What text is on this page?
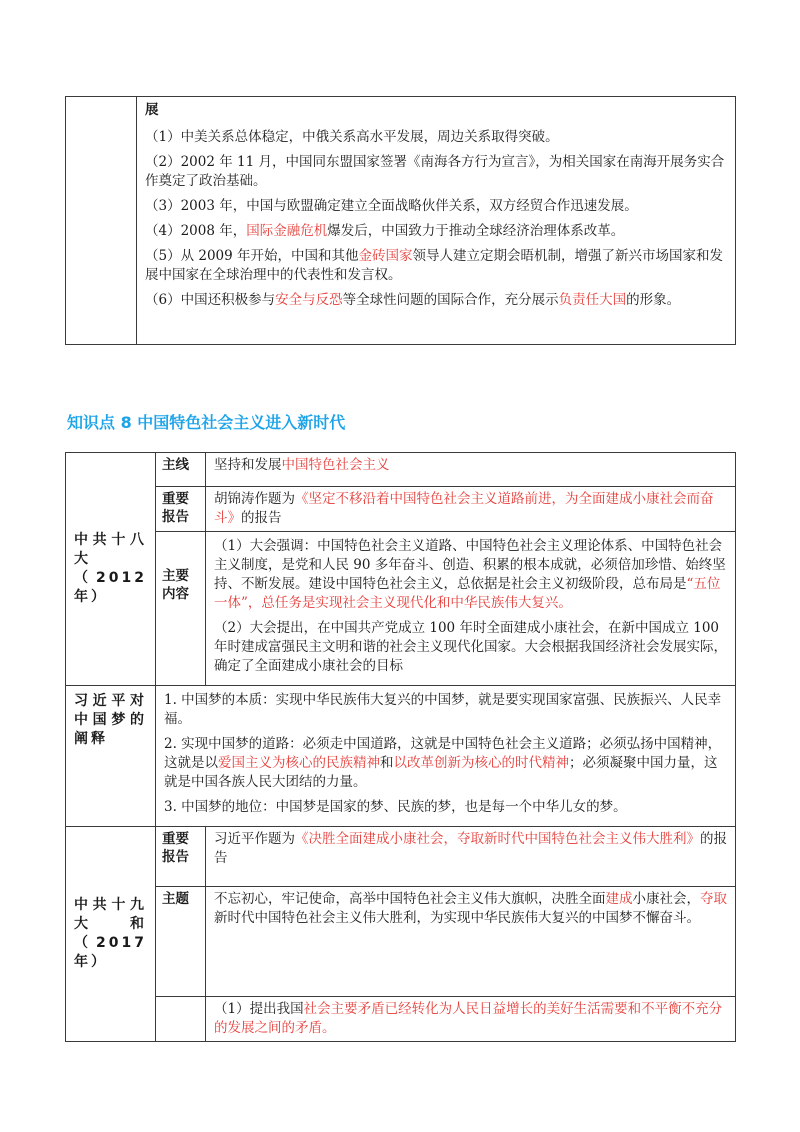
展
（1）中美关系总体稳定，中俄关系高水平发展，周边关系取得突破。
（2）2002 年 11 月，中国同东盟国家签署《南海各方行为宣言》，为相关国家在南海开展务实合作奠定了政治基础。
（3）2003 年，中国与欧盟确定建立全面战略伙伴关系，双方经贸合作迅速发展。
（4）2008 年，国际金融危机爆发后，中国致力于推动全球经济治理体系改革。
（5）从 2009 年开始，中国和其他金砖国家领导人建立定期会晤机制，增强了新兴市场国家和发展中国家在全球治理中的代表性和发言权。
（6）中国还积极参与安全与反恐等全球性问题的国际合作，充分展示负责任大国的形象。
知识点 8 中国特色社会主义进入新时代
中共十八大（2012年）	主线	坚持和发展中国特色社会主义

	重要报告	胡锦涛作题为《坚定不移沿着中国特色社会主义道路前进，为全面建成小康社会而奋斗》的报告

	主要内容	（1）大会强调：中国特色社会主义道路、中国特色社会主义理论体系、中国特色社会主义制度，是党和人民 90 多年奋斗、创造、积累的根本成就，必须倍加珍惜、始终坚持、不断发展。建设中国特色社会主义，总依据是社会主义初级阶段，总布局是“五位一体”，总任务是实现社会主义现代化和中华民族伟大复兴。
（2）大会提出，在中国共产党成立 100 年时全面建成小康社会，在新中国成立 100 年时建成富强民主文明和谐的社会主义现代化国家。大会根据我国经济社会发展实际，确定了全面建成小康社会的目标

习近平对中国梦的阐释	1. 中国梦的本质：实现中华民族伟大复兴的中国梦，就是要实现国家富强、民族振兴、人民幸福。
2. 实现中国梦的道路：必须走中国道路，这就是中国特色社会主义道路；必须弘扬中国精神，这就是以爱国主义为核心的民族精神和以改革创新为核心的时代精神；必须凝聚中国力量，这就是中国各族人民大团结的力量。
3. 中国梦的地位：中国梦是国家的梦、民族的梦，也是每一个中华儿女的梦。	

中共十九大和（2017年）	重要报告	习近平作题为《决胜全面建成小康社会，夺取新时代中国特色社会主义伟大胜利》的报告

	主题	不忘初心，牢记使命，高举中国特色社会主义伟大旗帜，决胜全面建成小康社会，夺取新时代中国特色社会主义伟大胜利，为实现中华民族伟大复兴的中国梦不懈奋斗。

		（1）提出我国社会主要矛盾已经转化为人民日益增长的美好生活需要和不平衡不充分的发展之间的矛盾。
